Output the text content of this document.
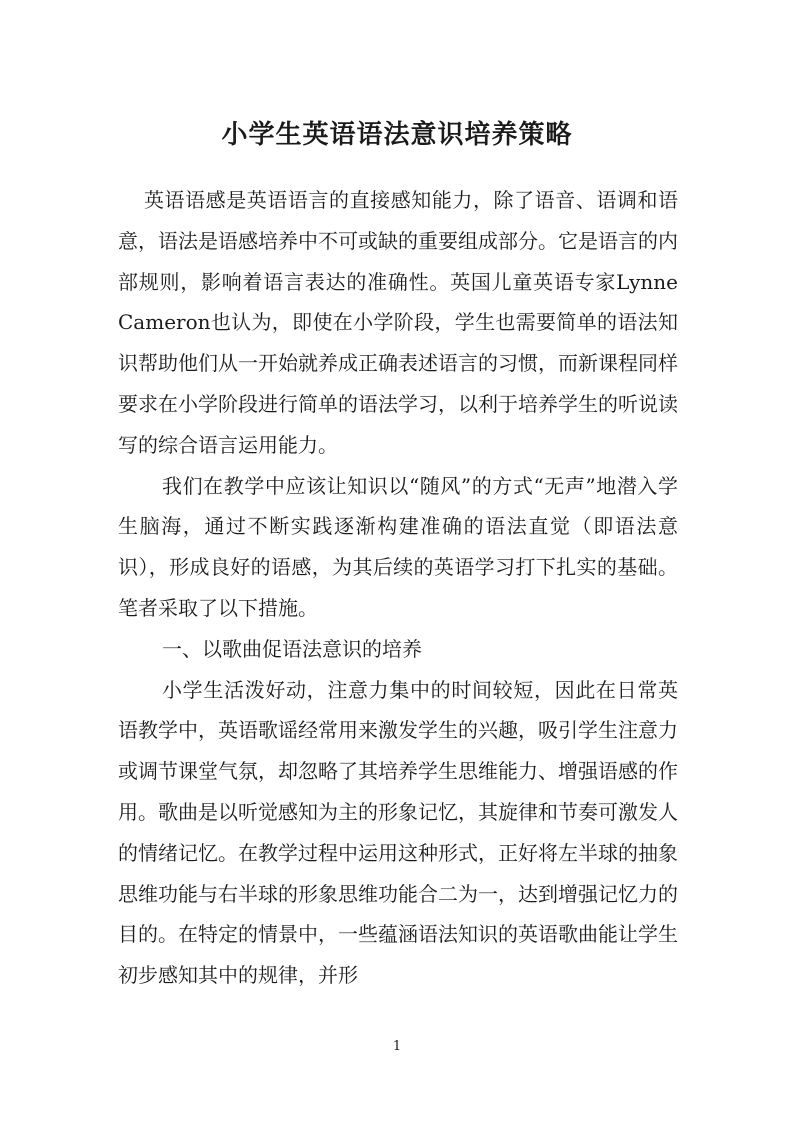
小学生英语语法意识培养策略

英语语感是英语语言的直接感知能力，除了语音、语调和语意，语法是语感培养中不可或缺的重要组成部分。它是语言的内部规则，影响着语言表达的准确性。英国儿童英语专家Lynne Cameron也认为，即使在小学阶段，学生也需要简单的语法知识帮助他们从一开始就养成正确表述语言的习惯，而新课程同样要求在小学阶段进行简单的语法学习，以利于培养学生的听说读写的综合语言运用能力。

我们在教学中应该让知识以“随风”的方式“无声”地潜入学生脑海，通过不断实践逐渐构建准确的语法直觉（即语法意识），形成良好的语感，为其后续的英语学习打下扎实的基础。笔者采取了以下措施。

一、以歌曲促语法意识的培养

小学生活泼好动，注意力集中的时间较短，因此在日常英语教学中，英语歌谣经常用来激发学生的兴趣，吸引学生注意力或调节课堂气氛，却忽略了其培养学生思维能力、增强语感的作用。歌曲是以听觉感知为主的形象记忆，其旋律和节奏可激发人的情绪记忆。在教学过程中运用这种形式，正好将左半球的抽象思维功能与右半球的形象思维功能合二为一，达到增强记忆力的目的。在特定的情景中，一些蕴涵语法知识的英语歌曲能让学生初步感知其中的规律，并形

1
